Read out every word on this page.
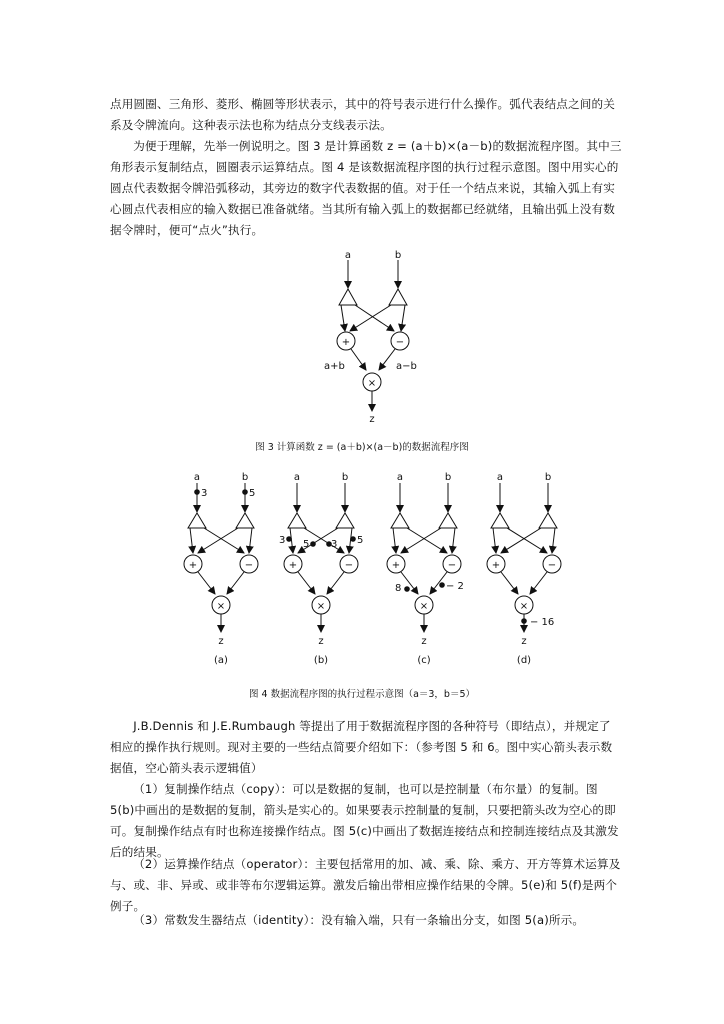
点用圆圈、三角形、菱形、椭圆等形状表示，其中的符号表示进行什么操作。弧代表结点之间的关系及令牌流向。这种表示法也称为结点分支线表示法。
为便于理解，先举一例说明之。图 3 是计算函数 z = (a＋b)×(a－b)的数据流程序图。其中三角形表示复制结点，圆圈表示运算结点。图 4 是该数据流程序图的执行过程示意图。图中用实心的圆点代表数据令牌沿弧移动，其旁边的数字代表数据的值。对于任一个结点来说，其输入弧上有实心圆点代表相应的输入数据已准备就绪。当其所有输入弧上的数据都已经就绪，且输出弧上没有数据令牌时，便可“点火”执行。
a	b
+	−
×
a+b	a−b
z
图 3 计算函数 z = (a＋b)×(a－b)的数据流程序图
a	b
+	−
×
z
a	b
+	−
×
z
a	b
+	−
×
z
a	b
+	−
×
z
3	5
(a)
3 5 3 5
(b)
8	− 2
(c)
− 16
(d)
图 4 数据流程序图的执行过程示意图（a＝3，b＝5）
J.B.Dennis 和 J.E.Rumbaugh 等提出了用于数据流程序图的各种符号（即结点），并规定了相应的操作执行规则。现对主要的一些结点简要介绍如下：（参考图 5 和 6。图中实心箭头表示数据值，空心箭头表示逻辑值）
（1）复制操作结点（copy）：可以是数据的复制，也可以是控制量（布尔量）的复制。图 5(b)中画出的是数据的复制，箭头是实心的。如果要表示控制量的复制，只要把箭头改为空心的即可。复制操作结点有时也称连接操作结点。图 5(c)中画出了数据连接结点和控制连接结点及其激发后的结果。
（2）运算操作结点（operator）：主要包括常用的加、减、乘、除、乘方、开方等算术运算及与、或、非、异或、或非等布尔逻辑运算。激发后输出带相应操作结果的令牌。5(e)和 5(f)是两个例子。
（3）常数发生器结点（identity）：没有输入端，只有一条输出分支，如图 5(a)所示。
